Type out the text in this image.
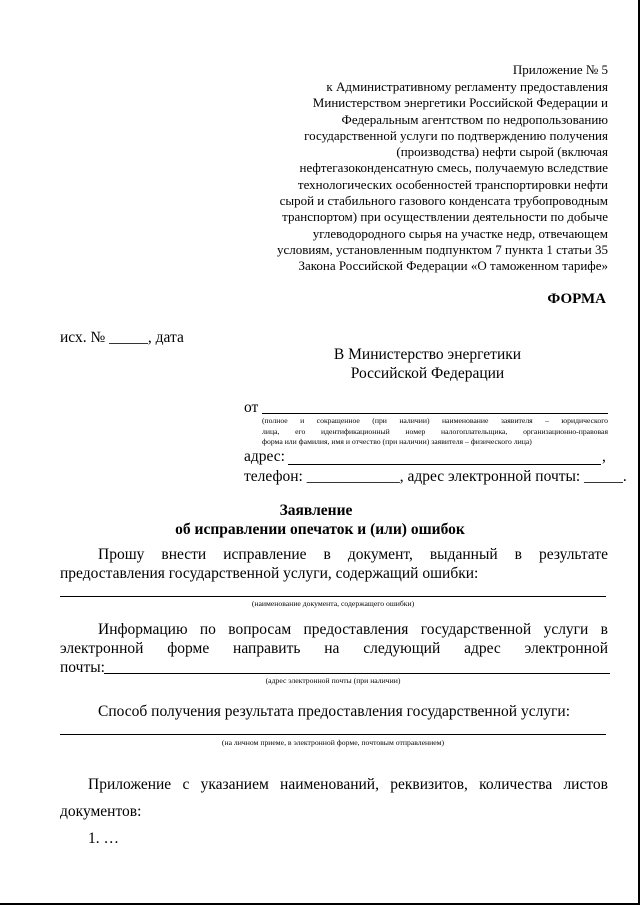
Приложение № 5
к Административному регламенту предоставления
Министерством энергетики Российской Федерации и
Федеральным агентством по недропользованию
государственной услуги по подтверждению получения
(производства) нефти сырой (включая
нефтегазоконденсатную смесь, получаемую вследствие
технологических особенностей транспортировки нефти
сырой и стабильного газового конденсата трубопроводным
транспортом) при осуществлении деятельности по добыче
углеводородного сырья на участке недр, отвечающем
условиям, установленным подпунктом 7 пункта 1 статьи 35
Закона Российской Федерации «О таможенном тарифе»
ФОРМА
исх. № _____, дата
В Министерство энергетики
Российской Федерации
от
(полное и сокращенное (при наличии) наименование заявителя – юридического
лица, его идентификационный номер налогоплательщика, организационно-правовая
форма или фамилия, имя и отчество (при наличии) заявителя – физического лица)
адрес:	,
телефон: ____________, адрес электронной почты: _____.
Заявление
об исправлении опечаток и (или) ошибок
Прошу внести исправление в документ, выданный в результате
предоставления государственной услуги, содержащий ошибки:
(наименование документа, содержащего ошибки)
Информацию по вопросам предоставления государственной услуги в
электронной форме направить на следующий адрес электронной
почты:
(адрес электронной почты (при наличии)
Способ получения результата предоставления государственной услуги:
(на личном приеме, в электронной форме, почтовым отправлением)
Приложение с указанием наименований, реквизитов, количества листов
документов:
1. …
